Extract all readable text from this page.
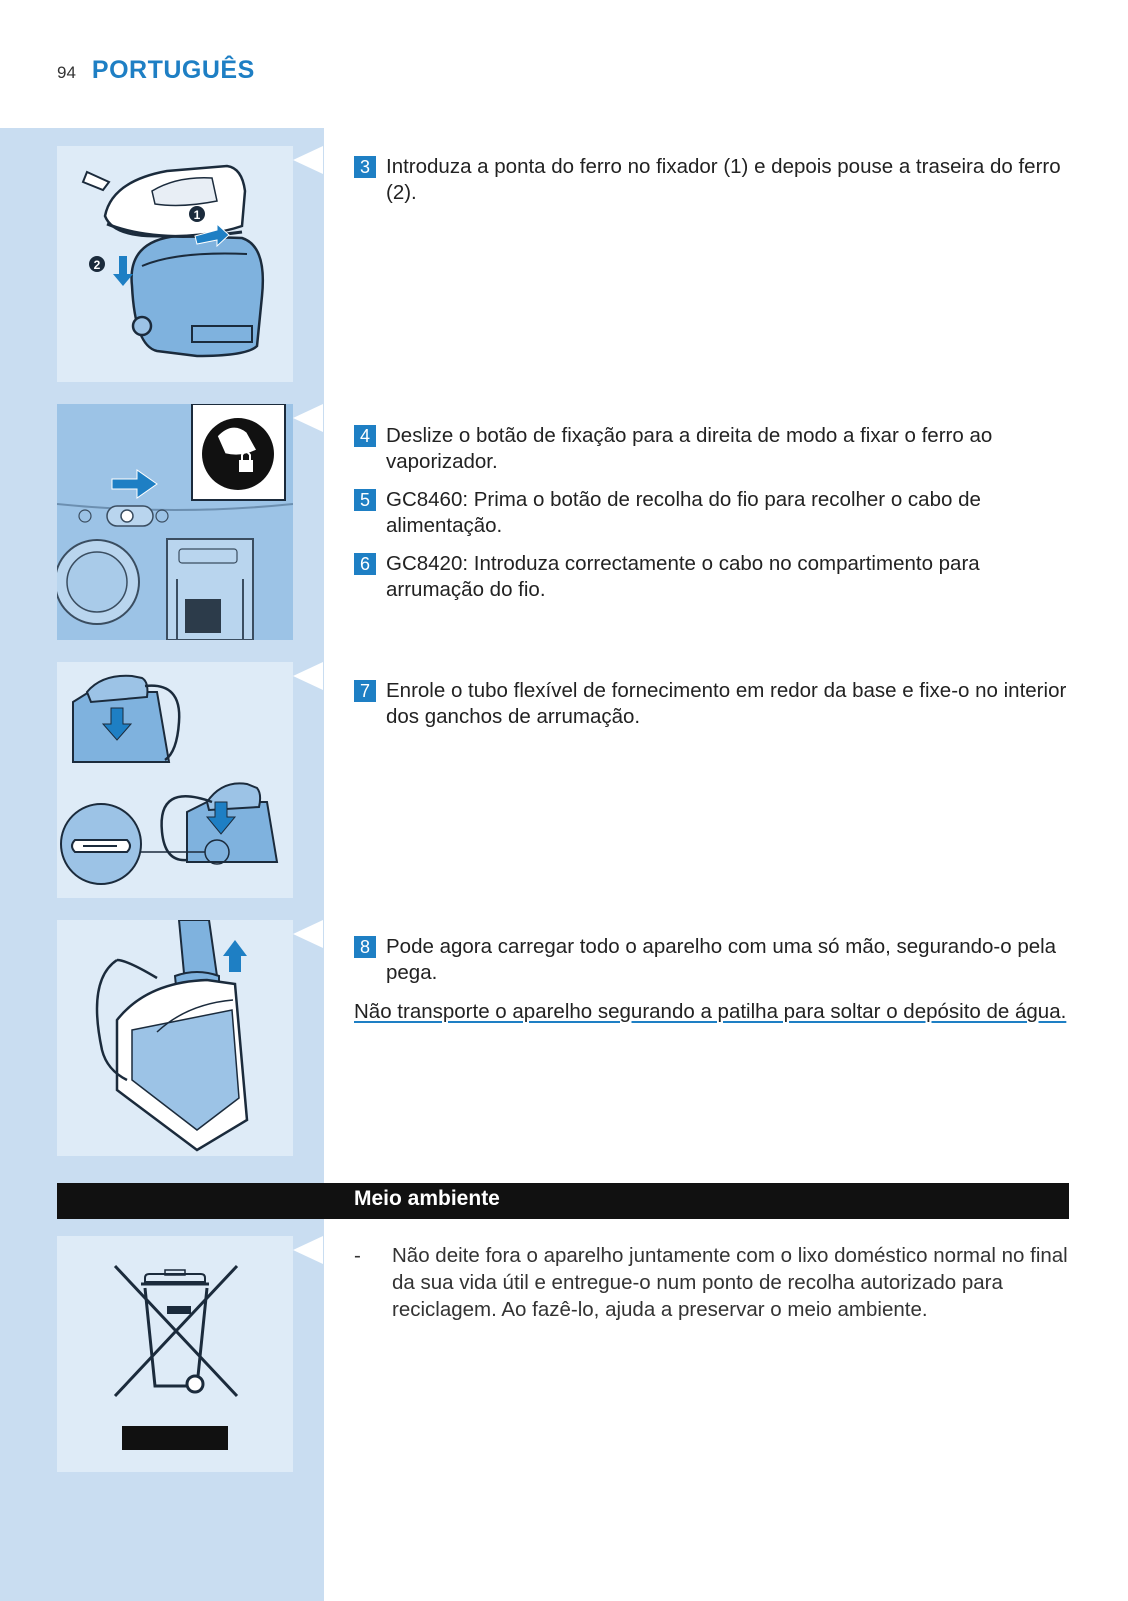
94 PORTUGUÊS
1
2
3 Introduza a ponta do ferro no fixador (1) e depois pouse a traseira do ferro (2).
4 Deslize o botão de fixação para a direita de modo a fixar o ferro ao vaporizador.
5 GC8460: Prima o botão de recolha do fio para recolher o cabo de alimentação.
6 GC8420: Introduza correctamente o cabo no compartimento para arrumação do fio.
7 Enrole o tubo flexível de fornecimento em redor da base e fixe-o no interior dos ganchos de arrumação.
8 Pode agora carregar todo o aparelho com uma só mão, segurando-o pela pega.
Não transporte o aparelho segurando a patilha para soltar o depósito de água.
Meio ambiente
-	Não deite fora o aparelho juntamente com o lixo doméstico normal no final da sua vida útil e entregue-o num ponto de recolha autorizado para reciclagem. Ao fazê-lo, ajuda a preservar o meio ambiente.
